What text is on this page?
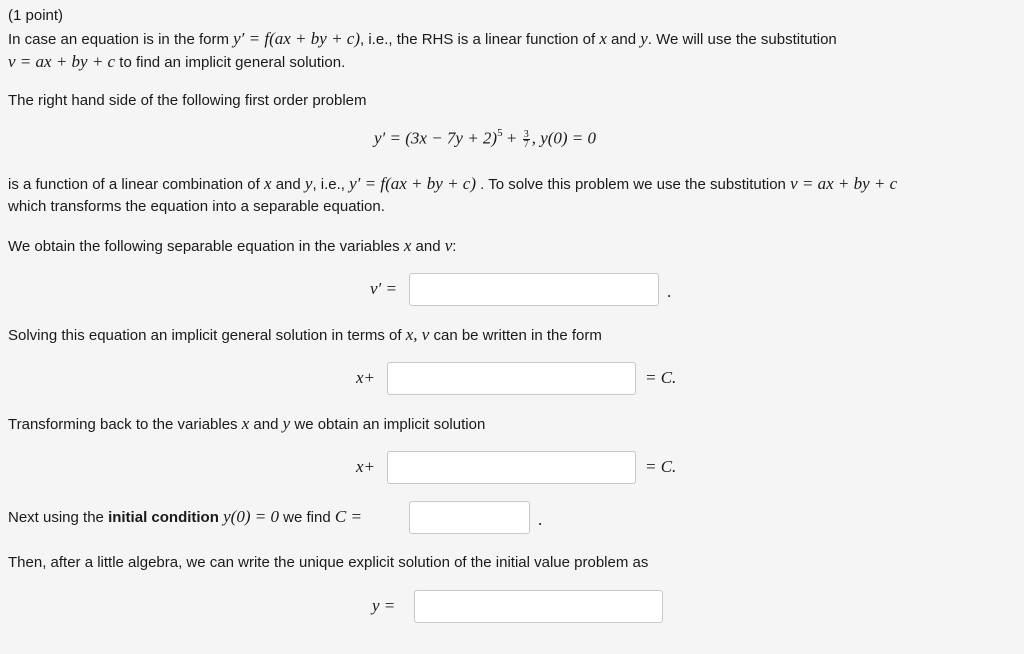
(1 point)
In case an equation is in the form y′ = f(ax + by + c), i.e., the RHS is a linear function of x and y. We will use the substitution
v = ax + by + c to find an implicit general solution.
The right hand side of the following first order problem
$y' = (3x - 7y + 2)^5 + \frac{3}{7}$ , y(0) = 0
is a function of a linear combination of x and y, i.e., y′ = f(ax + by + c) . To solve this problem we use the substitution v = ax + by + c
which transforms the equation into a separable equation.
We obtain the following separable equation in the variables x and v:
v′ =	.
Solving this equation an implicit general solution in terms of x, v can be written in the form
x+	= C.
Transforming back to the variables x and y we obtain an implicit solution
x+	= C.
Next using the initial condition y(0) = 0 we find C =	.
Then, after a little algebra, we can write the unique explicit solution of the initial value problem as
y =
